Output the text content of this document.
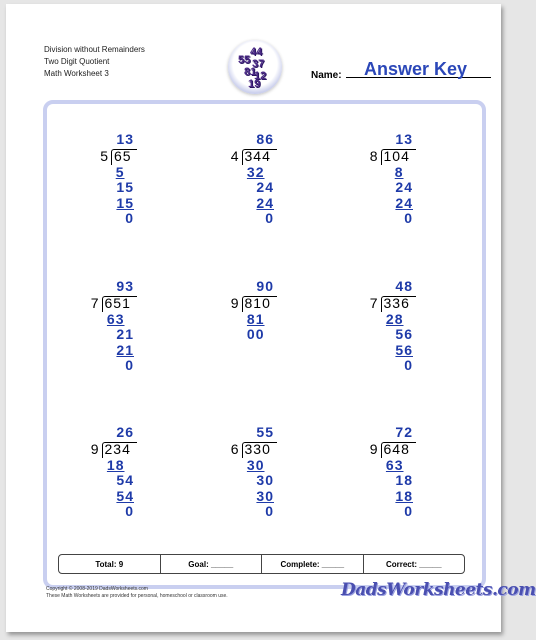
Division without Remainders
Two Digit Quotient
Math Worksheet 3
44
55 37
81
12
19
Name: Answer Key
13
5 65
5
15
15
0
86
4 344
32
24
24
0
13
8 104
8
24
24
0
93
7 651
63
21
21
0
90
9 810
81
00
48
7 336
28
56
56
0
26
9 234
18
54
54
0
55
6 330
30
30
30
0
72
9 648
63
18
18
0
Total: 9	Goal: _____	Complete: _____	Correct: _____
Copyright © 2008-2019 DadsWorksheets.com
These Math Worksheets are provided for personal, homeschool or classroom use.	DadsWorksheets.com
